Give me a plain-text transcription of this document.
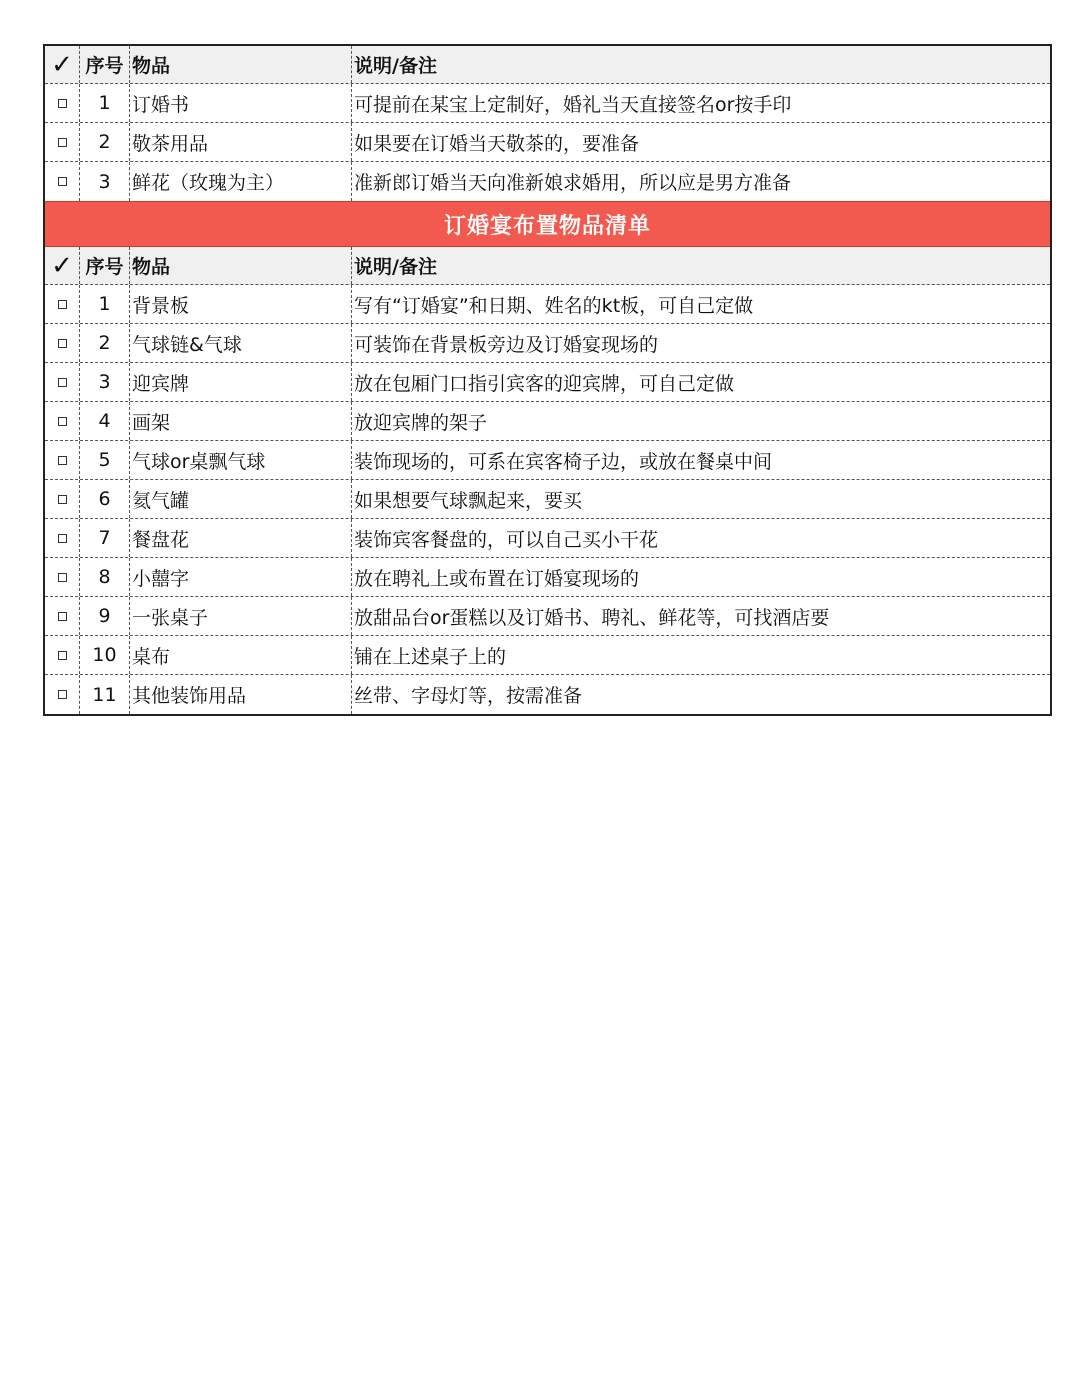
✓ 序号 物品	说明/备注
1	订婚书	可提前在某宝上定制好，婚礼当天直接签名or按手印
2	敬茶用品	如果要在订婚当天敬茶的，要准备
3	鲜花（玫瑰为主）	准新郎订婚当天向准新娘求婚用，所以应是男方准备
订婚宴布置物品清单
✓ 序号 物品	说明/备注
1	背景板	写有“订婚宴”和日期、姓名的kt板，可自己定做
2	气球链&气球	可装饰在背景板旁边及订婚宴现场的
3	迎宾牌	放在包厢门口指引宾客的迎宾牌，可自己定做
4	画架	放迎宾牌的架子
5	气球or桌飘气球	装饰现场的，可系在宾客椅子边，或放在餐桌中间
6	氦气罐	如果想要气球飘起来，要买
7	餐盘花	装饰宾客餐盘的，可以自己买小干花
8	小囍字	放在聘礼上或布置在订婚宴现场的
9	一张桌子	放甜品台or蛋糕以及订婚书、聘礼、鲜花等，可找酒店要
10 桌布	铺在上述桌子上的
11 其他装饰用品	丝带、字母灯等，按需准备
